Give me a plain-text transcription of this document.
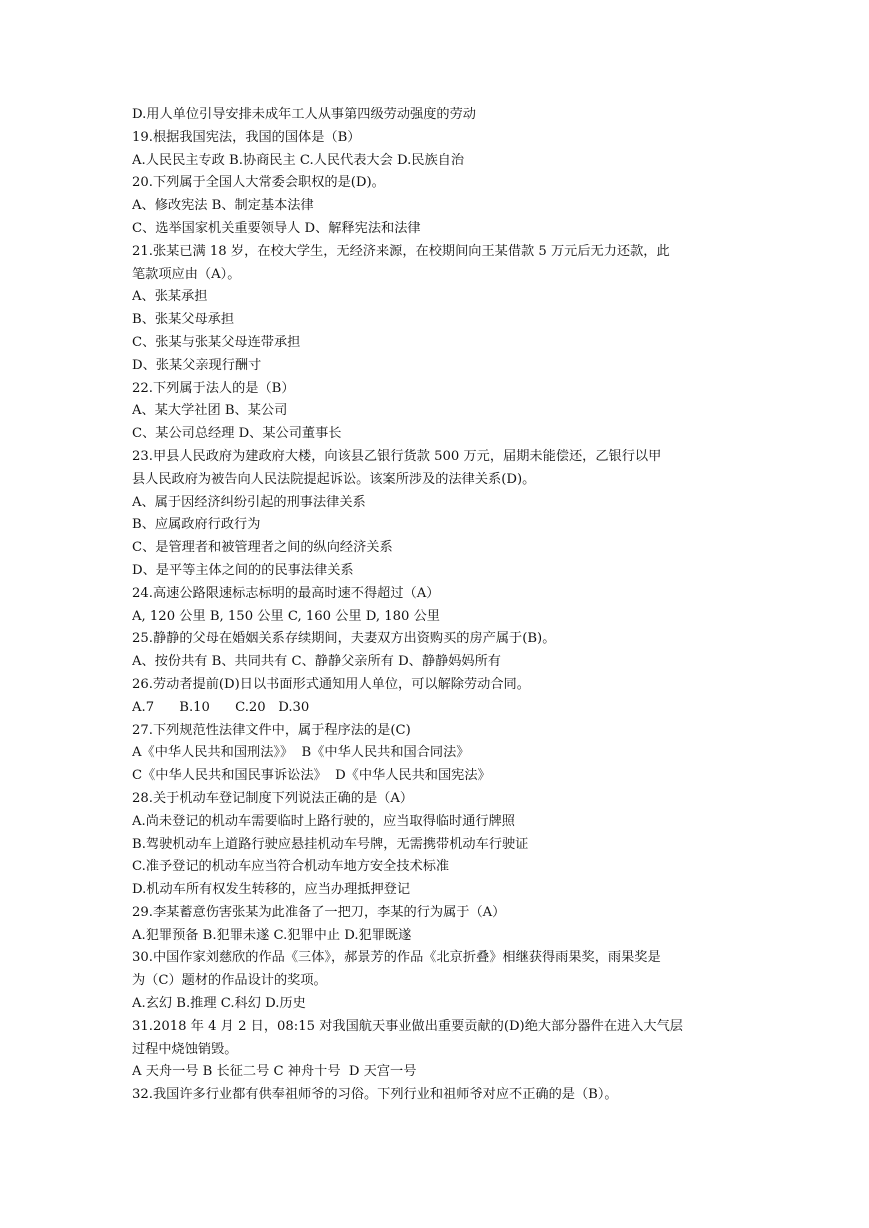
D.用人单位引导安排未成年工人从事第四级劳动强度的劳动
19.根据我国宪法，我国的国体是（B）
A.人民民主专政 B.协商民主 C.人民代表大会 D.民族自治
20.下列属于全国人大常委会职权的是(D)。
A、修改宪法 B、制定基本法律
C、选举国家机关重要领导人 D、解释宪法和法律
21.张某已满 18 岁，在校大学生，无经济来源，在校期间向王某借款 5 万元后无力还款，此
笔款项应由（A）。
A、张某承担
B、张某父母承担
C、张某与张某父母连带承担
D、张某父亲现行酬寸
22.下列属于法人的是（B）
A、某大学社团 B、某公司
C、某公司总经理 D、某公司董事长
23.甲县人民政府为建政府大楼，向该县乙银行货款 500 万元，届期未能偿还，乙银行以甲
县人民政府为被告向人民法院提起诉讼。该案所涉及的法律关系(D)。
A、属于因经济纠纷引起的刑事法律关系
B、应属政府行政行为
C、是管理者和被管理者之间的纵向经济关系
D、是平等主体之间的的民事法律关系
24.高速公路限速标志标明的最高时速不得超过（A）
A, 120 公里 B, 150 公里 C, 160 公里 D, 180 公里
25.静静的父母在婚姻关系存续期间，夫妻双方出资购买的房产属于(B)。
A、按份共有 B、共同共有 C、静静父亲所有 D、静静妈妈所有
26.劳动者提前(D)日以书面形式通知用人单位，可以解除劳动合同。
A.7      B.10      C.20   D.30
27.下列规范性法律文件中，属于程序法的是(C)
A《中华人民共和国刑法》》  B《中华人民共和国合同法》
C《中华人民共和国民事诉讼法》  D《中华人民共和国宪法》
28.关于机动车登记制度下列说法正确的是（A）
A.尚未登记的机动车需要临时上路行驶的，应当取得临时通行牌照
B.驾驶机动车上道路行驶应悬挂机动车号牌，无需携带机动车行驶证
C.准予登记的机动车应当符合机动车地方安全技术标准
D.机动车所有权发生转移的，应当办理抵押登记
29.李某蓄意伤害张某为此准备了一把刀，李某的行为属于（A）
A.犯罪预备 B.犯罪未遂 C.犯罪中止 D.犯罪既遂
30.中国作家刘慈欣的作品《三体》，郝景芳的作品《北京折叠》相继获得雨果奖，雨果奖是
为（C）题材的作品设计的奖项。
A.玄幻 B.推理 C.科幻 D.历史
31.2018 年 4 月 2 日，08:15 对我国航天事业做出重要贡献的(D)绝大部分器件在进入大气层
过程中烧蚀销毁。
A 天舟一号 B 长征二号 C 神舟十号  D 天宫一号
32.我国许多行业都有供奉祖师爷的习俗。下列行业和祖师爷对应不正确的是（B）。
